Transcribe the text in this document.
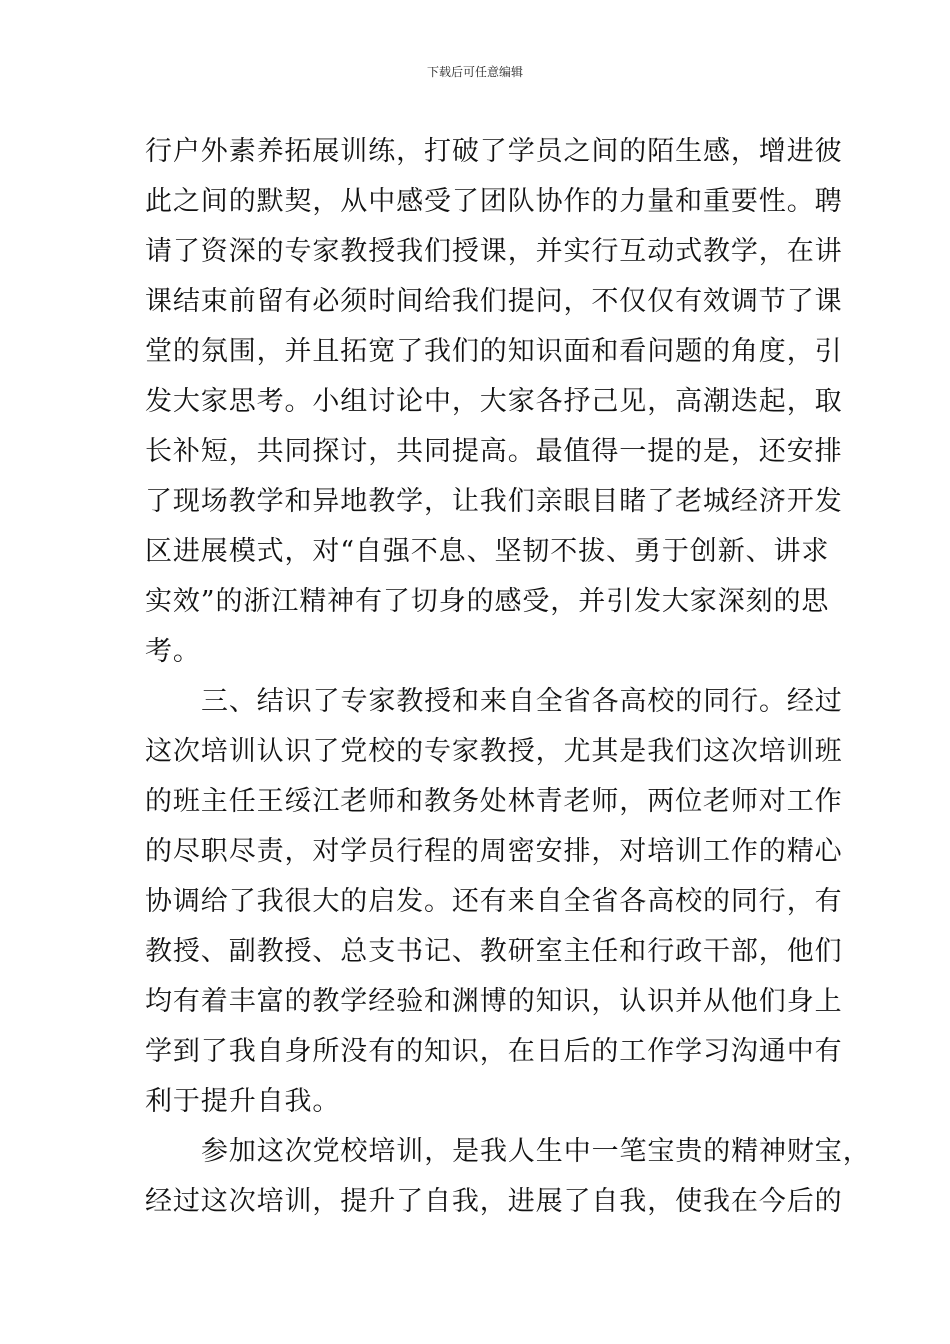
下载后可任意编辑
行户外素养拓展训练，打破了学员之间的陌生感，增进彼
此之间的默契，从中感受了团队协作的力量和重要性。聘
请了资深的专家教授我们授课，并实行互动式教学，在讲
课结束前留有必须时间给我们提问，不仅仅有效调节了课
堂的氛围，并且拓宽了我们的知识面和看问题的角度，引
发大家思考。小组讨论中，大家各抒己见，高潮迭起，取
长补短，共同探讨，共同提高。最值得一提的是，还安排
了现场教学和异地教学，让我们亲眼目睹了老城经济开发
区进展模式，对“自强不息、坚韧不拔、勇于创新、讲求
实效”的浙江精神有了切身的感受，并引发大家深刻的思
考。
三、结识了专家教授和来自全省各高校的同行。经过
这次培训认识了党校的专家教授，尤其是我们这次培训班
的班主任王绥江老师和教务处林青老师，两位老师对工作
的尽职尽责，对学员行程的周密安排，对培训工作的精心
协调给了我很大的启发。还有来自全省各高校的同行，有
教授、副教授、总支书记、教研室主任和行政干部，他们
均有着丰富的教学经验和渊博的知识，认识并从他们身上
学到了我自身所没有的知识，在日后的工作学习沟通中有
利于提升自我。
参加这次党校培训，是我人生中一笔宝贵的精神财宝，
经过这次培训，提升了自我，进展了自我，使我在今后的
